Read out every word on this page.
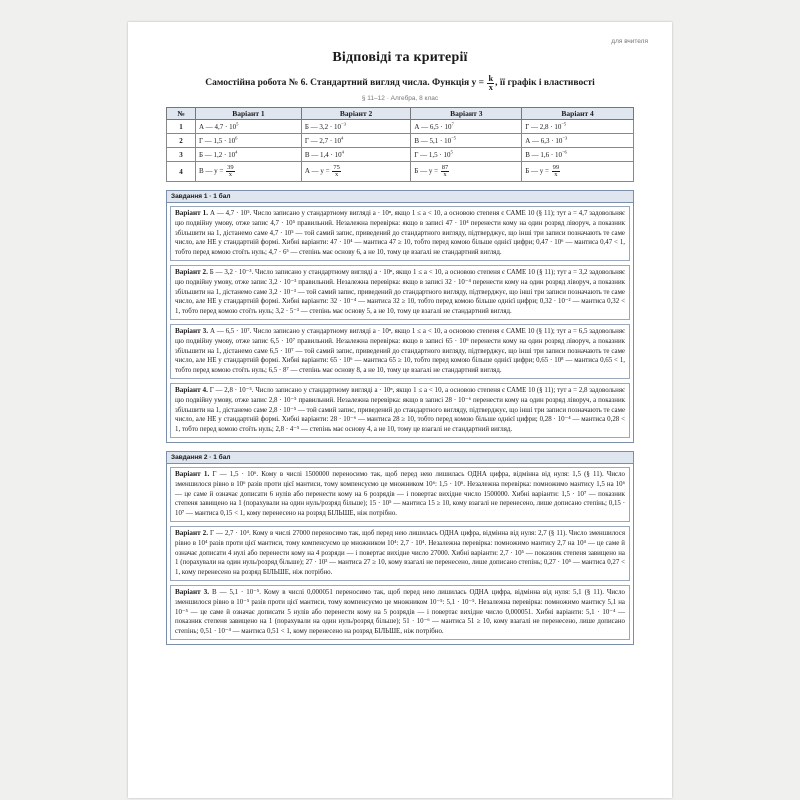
для вчителя
Відповіді та критерії
Самостійна робота № 6. Стандартний вигляд числа. Функція $y = \frac{k}{x}$ , її графік і властивості
§ 11–12 · Алгебра, 8 клас
№	Варіант 1	Варіант 2	Варіант 3	Варіант 4
1	А — $4,7 \cdot 10^5$	Б — $3,2 \cdot 10^{-3}$	А — $6,5 \cdot 10^7$	Г — $2,8 \cdot 10^{-5}$
2	Г — $1,5 \cdot 10^6$	Г — $2,7 \cdot 10^4$	В — $5,1 \cdot 10^{-5}$	А — $6,3 \cdot 10^{-3}$
3	Б — $1,2 \cdot 10^4$	В — $1,4 \cdot 10^4$	Г — $1,5 \cdot 10^5$	В — $1,6 \cdot 10^{-6}$
4	В — $y = \frac{39}{x}$	А — $y = \frac{75}{x}$	Б — $y = \frac{87}{x}$	Б — $y = \frac{99}{x}$
Завдання 1 · 1 бал
Варіант 1. А — 4,7 · 10⁵. Число записано у стандартному вигляді a · 10ⁿ, якщо 1 ≤ a < 10, а основою степеня є САМЕ 10 (§ 11); тут a = 4,7 задовольняє цю подвійну умову, отже запис 4,7 · 10⁵ правильний. Незалежна перевірка: якщо в записі 47 · 10⁴ перенести кому на один розряд ліворуч, а показник збільшити на 1, дістанемо саме 4,7 · 10⁵ — той самий запис, приведений до стандартного вигляду, підтверджує, що інші три записи позначають те саме число, але НЕ у стандартній формі. Хибні варіанти: 47 · 10⁴ — мантиса 47 ≥ 10, тобто перед комою більше однієї цифри; 0,47 · 10⁶ — мантиса 0,47 < 1, тобто перед комою стоїть нуль; 4,7 · 6⁵ — степінь має основу 6, а не 10, тому це взагалі не стандартний вигляд.
Варіант 2. Б — 3,2 · 10⁻³. Число записано у стандартному вигляді a · 10ⁿ, якщо 1 ≤ a < 10, а основою степеня є САМЕ 10 (§ 11); тут a = 3,2 задовольняє цю подвійну умову, отже запис 3,2 · 10⁻³ правильний. Незалежна перевірка: якщо в записі 32 · 10⁻⁴ перенести кому на один розряд ліворуч, а показник збільшити на 1, дістанемо саме 3,2 · 10⁻³ — той самий запис, приведений до стандартного вигляду, підтверджує, що інші три записи позначають те саме число, але НЕ у стандартній формі. Хибні варіанти: 32 · 10⁻⁴ — мантиса 32 ≥ 10, тобто перед комою більше однієї цифри; 0,32 · 10⁻² — мантиса 0,32 < 1, тобто перед комою стоїть нуль; 3,2 · 5⁻³ — степінь має основу 5, а не 10, тому це взагалі не стандартний вигляд.
Варіант 3. А — 6,5 · 10⁷. Число записано у стандартному вигляді a · 10ⁿ, якщо 1 ≤ a < 10, а основою степеня є САМЕ 10 (§ 11); тут a = 6,5 задовольняє цю подвійну умову, отже запис 6,5 · 10⁷ правильний. Незалежна перевірка: якщо в записі 65 · 10⁶ перенести кому на один розряд ліворуч, а показник збільшити на 1, дістанемо саме 6,5 · 10⁷ — той самий запис, приведений до стандартного вигляду, підтверджує, що інші три записи позначають те саме число, але НЕ у стандартній формі. Хибні варіанти: 65 · 10⁶ — мантиса 65 ≥ 10, тобто перед комою більше однієї цифри; 0,65 · 10⁸ — мантиса 0,65 < 1, тобто перед комою стоїть нуль; 6,5 · 8⁷ — степінь має основу 8, а не 10, тому це взагалі не стандартний вигляд.
Варіант 4. Г — 2,8 · 10⁻⁵. Число записано у стандартному вигляді a · 10ⁿ, якщо 1 ≤ a < 10, а основою степеня є САМЕ 10 (§ 11); тут a = 2,8 задовольняє цю подвійну умову, отже запис 2,8 · 10⁻⁵ правильний. Незалежна перевірка: якщо в записі 28 · 10⁻⁶ перенести кому на один розряд ліворуч, а показник збільшити на 1, дістанемо саме 2,8 · 10⁻⁵ — той самий запис, приведений до стандартного вигляду, підтверджує, що інші три записи позначають те саме число, але НЕ у стандартній формі. Хибні варіанти: 28 · 10⁻⁶ — мантиса 28 ≥ 10, тобто перед комою більше однієї цифри; 0,28 · 10⁻⁴ — мантиса 0,28 < 1, тобто перед комою стоїть нуль; 2,8 · 4⁻⁵ — степінь має основу 4, а не 10, тому це взагалі не стандартний вигляд.
Завдання 2 · 1 бал
Варіант 1. Г — 1,5 · 10⁶. Кому в числі 1500000 переносимо так, щоб перед нею лишилась ОДНА цифра, відмінна від нуля: 1,5 (§ 11). Число зменшилося рівно в 10⁶ разів проти цієї мантиси, тому компенсуємо це множником 10⁶: 1,5 · 10⁶. Незалежна перевірка: помножимо мантису 1,5 на 10⁶ — це саме й означає дописати 6 нулів або перенести кому на 6 розрядів — і повертає вихідне число 1500000. Хибні варіанти: 1,5 · 10⁷ — показник степеня завищено на 1 (порахували на один нуль/розряд більше); 15 · 10⁵ — мантиса 15 ≥ 10, кому взагалі не перенесено, лише дописано степінь; 0,15 · 10⁷ — мантиса 0,15 < 1, кому перенесено на розряд БІЛЬШЕ, ніж потрібно.
Варіант 2. Г — 2,7 · 10⁴. Кому в числі 27000 переносимо так, щоб перед нею лишилась ОДНА цифра, відмінна від нуля: 2,7 (§ 11). Число зменшилося рівно в 10⁴ разів проти цієї мантиси, тому компенсуємо це множником 10⁴: 2,7 · 10⁴. Незалежна перевірка: помножимо мантису 2,7 на 10⁴ — це саме й означає дописати 4 нулі або перенести кому на 4 розряди — і повертає вихідне число 27000. Хибні варіанти: 2,7 · 10⁵ — показник степеня завищено на 1 (порахували на один нуль/розряд більше); 27 · 10³ — мантиса 27 ≥ 10, кому взагалі не перенесено, лише дописано степінь; 0,27 · 10⁵ — мантиса 0,27 < 1, кому перенесено на розряд БІЛЬШЕ, ніж потрібно.
Варіант 3. В — 5,1 · 10⁻⁵. Кому в числі 0,000051 переносимо так, щоб перед нею лишилась ОДНА цифра, відмінна від нуля: 5,1 (§ 11). Число зменшилося рівно в 10⁻⁵ разів проти цієї мантиси, тому компенсуємо це множником 10⁻⁵: 5,1 · 10⁻⁵. Незалежна перевірка: помножимо мантису 5,1 на 10⁻⁵ — це саме й означає дописати 5 нулів або перенести кому на 5 розрядів — і повертає вихідне число 0,000051. Хибні варіанти: 5,1 · 10⁻⁴ — показник степеня завищено на 1 (порахували на один нуль/розряд більше); 51 · 10⁻⁶ — мантиса 51 ≥ 10, кому взагалі не перенесено, лише дописано степінь; 0,51 · 10⁻⁴ — мантиса 0,51 < 1, кому перенесено на розряд БІЛЬШЕ, ніж потрібно.
